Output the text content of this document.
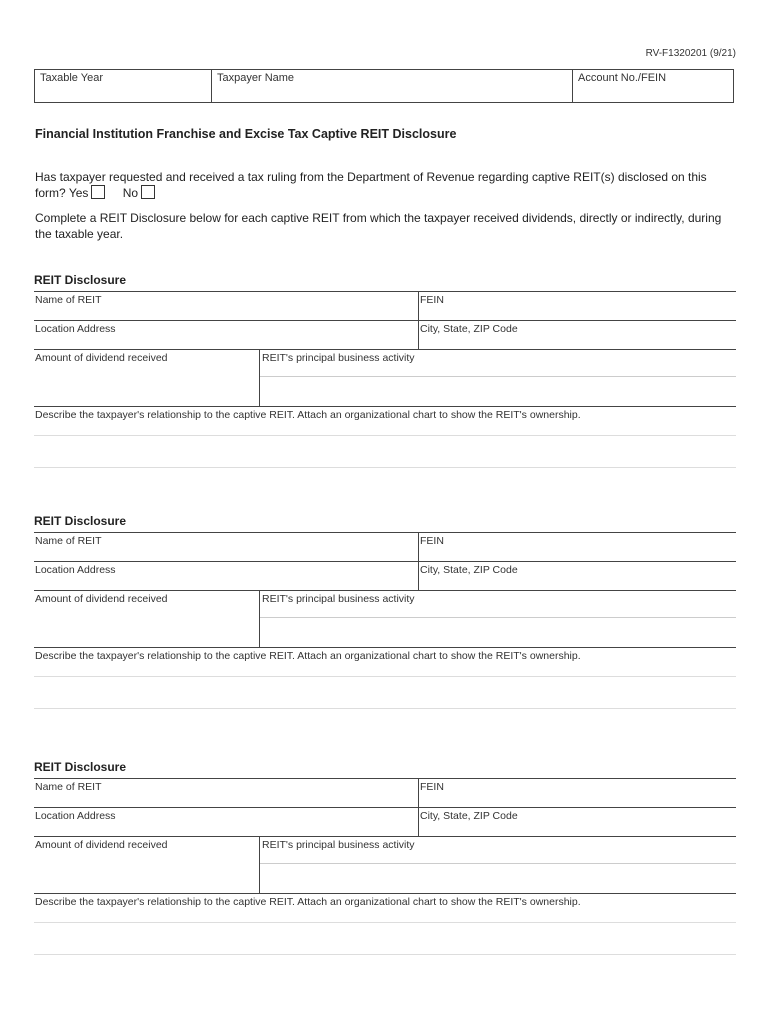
RV-F1320201 (9/21)
Taxable Year	Taxpayer Name	Account No./FEIN
Financial Institution Franchise and Excise Tax Captive REIT Disclosure
Has taxpayer requested and received a tax ruling from the Department of Revenue regarding captive REIT(s) disclosed on this form? Yes	No
Complete a REIT Disclosure below for each captive REIT from which the taxpayer received dividends, directly or indirectly, during the taxable year.
REIT Disclosure
Name of REIT	FEIN
Location Address	City, State, ZIP Code
Amount of dividend received	REIT's principal business activity
Describe the taxpayer's relationship to the captive REIT. Attach an organizational chart to show the REIT's ownership.
REIT Disclosure
Name of REIT	FEIN
Location Address	City, State, ZIP Code
Amount of dividend received	REIT's principal business activity
Describe the taxpayer's relationship to the captive REIT. Attach an organizational chart to show the REIT's ownership.
REIT Disclosure
Name of REIT	FEIN
Location Address	City, State, ZIP Code
Amount of dividend received	REIT's principal business activity
Describe the taxpayer's relationship to the captive REIT. Attach an organizational chart to show the REIT's ownership.
